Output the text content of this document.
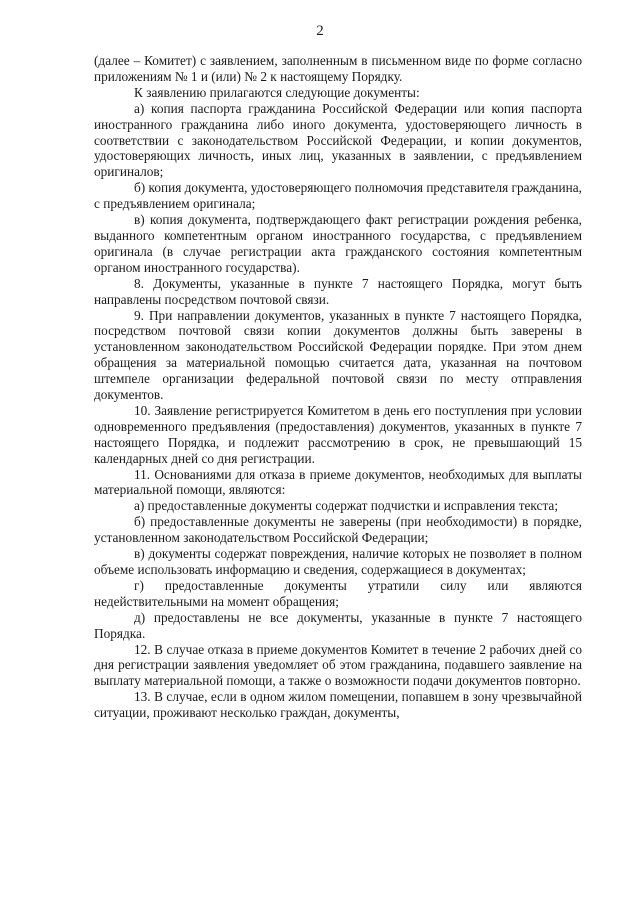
2

(далее – Комитет) с заявлением, заполненным в письменном виде по форме согласно приложениям № 1 и (или) № 2 к настоящему Порядку.

К заявлению прилагаются следующие документы:

а) копия паспорта гражданина Российской Федерации или копия паспорта иностранного гражданина либо иного документа, удостоверяющего личность в соответствии с законодательством Российской Федерации, и копии документов, удостоверяющих личность, иных лиц, указанных в заявлении, с предъявлением оригиналов;

б) копия документа, удостоверяющего полномочия представителя гражданина, с предъявлением оригинала;

в) копия документа, подтверждающего факт регистрации рождения ребенка, выданного компетентным органом иностранного государства, с предъявлением оригинала (в случае регистрации акта гражданского состояния компетентным органом иностранного государства).

8. Документы, указанные в пункте 7 настоящего Порядка, могут быть направлены посредством почтовой связи.

9. При направлении документов, указанных в пункте 7 настоящего Порядка, посредством почтовой связи копии документов должны быть заверены в установленном законодательством Российской Федерации порядке. При этом днем обращения за материальной помощью считается дата, указанная на почтовом штемпеле организации федеральной почтовой связи по месту отправления документов.

10. Заявление регистрируется Комитетом в день его поступления при условии одновременного предъявления (предоставления) документов, указанных в пункте 7 настоящего Порядка, и подлежит рассмотрению в срок, не превышающий 15 календарных дней со дня регистрации.

11. Основаниями для отказа в приеме документов, необходимых для выплаты материальной помощи, являются:

а) предоставленные документы содержат подчистки и исправления текста;

б) предоставленные документы не заверены (при необходимости) в порядке, установленном законодательством Российской Федерации;

в) документы содержат повреждения, наличие которых не позволяет в полном объеме использовать информацию и сведения, содержащиеся в документах;

г) предоставленные документы утратили силу или являются недействительными на момент обращения;

д) предоставлены не все документы, указанные в пункте 7 настоящего Порядка.

12. В случае отказа в приеме документов Комитет в течение 2 рабочих дней со дня регистрации заявления уведомляет об этом гражданина, подавшего заявление на выплату материальной помощи, а также о возможности подачи документов повторно.

13. В случае, если в одном жилом помещении, попавшем в зону чрезвычайной ситуации, проживают несколько граждан, документы,
